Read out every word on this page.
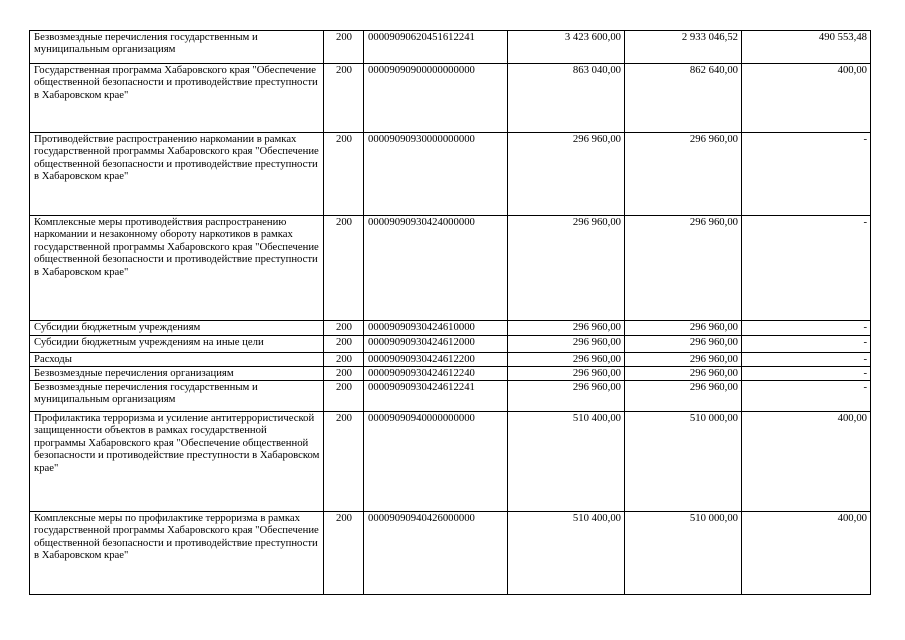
Безвозмездные перечисления государственным и муниципальным организациям	200	00009090620451612241	3 423 600,00	2 933 046,52	490 553,48
Государственная программа Хабаровского края "Обеспечение общественной безопасности и противодействие преступности в Хабаровском крае"	200	00009090900000000000	863 040,00	862 640,00	400,00
Противодействие распространению наркомании в рамках государственной программы Хабаровского края "Обеспечение общественной безопасности и противодействие преступности в Хабаровском крае"	200	00009090930000000000	296 960,00	296 960,00	-
Комплексные меры противодействия распространению наркомании и незаконному обороту наркотиков в рамках государственной программы Хабаровского края "Обеспечение общественной безопасности и противодействие преступности в Хабаровском крае"	200	00009090930424000000	296 960,00	296 960,00	-
Субсидии бюджетным учреждениям	200	00009090930424610000	296 960,00	296 960,00	-
Субсидии бюджетным учреждениям на иные цели	200	00009090930424612000	296 960,00	296 960,00	-
Расходы	200	00009090930424612200	296 960,00	296 960,00	-
Безвозмездные перечисления организациям	200	00009090930424612240	296 960,00	296 960,00	-
Безвозмездные перечисления государственным и муниципальным организациям	200	00009090930424612241	296 960,00	296 960,00	-
Профилактика терроризма и усиление антитеррористической защищенности объектов в рамках государственной программы Хабаровского края "Обеспечение общественной безопасности и противодействие преступности в Хабаровском крае"	200	00009090940000000000	510 400,00	510 000,00	400,00
Комплексные меры по профилактике терроризма в рамках государственной программы Хабаровского края "Обеспечение общественной безопасности и противодействие преступности в Хабаровском крае"	200	00009090940426000000	510 400,00	510 000,00	400,00
